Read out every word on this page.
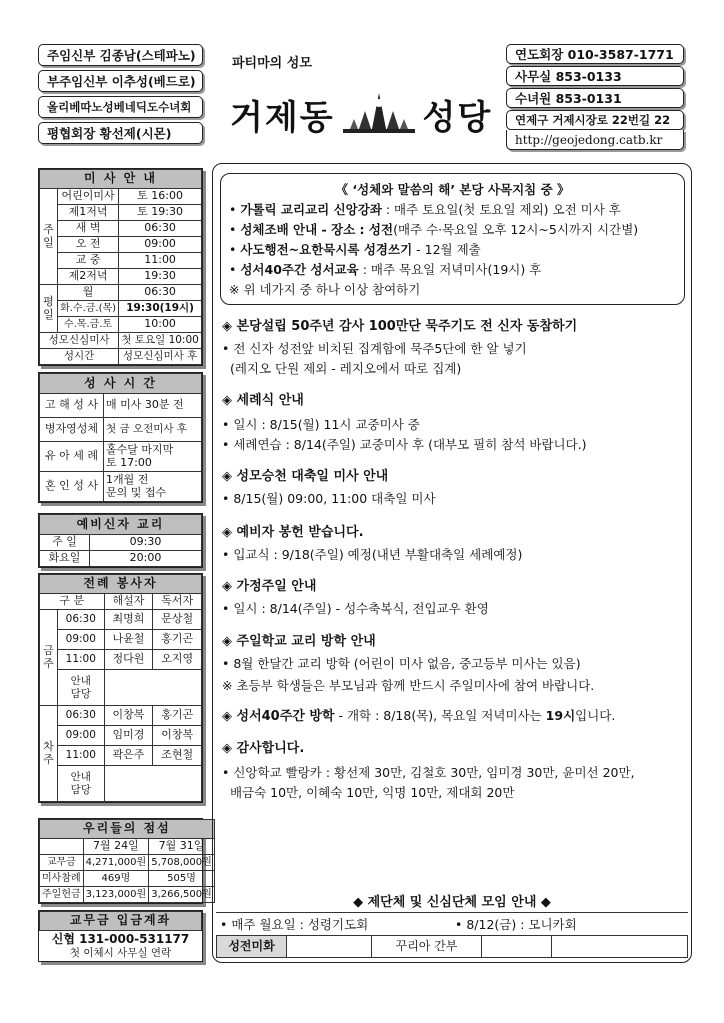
주임신부 김종남(스테파노)
부주임신부 이추성(베드로)
올리베따노성베네딕도수녀회
평협회장 황선제(시몬)
파티마의 성모
거제동	성당
연도회장 010-3587-1771
사무실 853-0133
수녀원 853-0131
연제구 거제시장로 22번길 22
http://geojedong.catb.kr
미 사 안 내		
주일	어린이미사	토 16:00
	제1저녁	토 19:30
	새 벽	06:30
	오 전	09:00
	교 중	11:00
	제2저녁	19:30
평일	월	06:30
	화.수.금.(목)	19:30(19시)
	수.목.금.토	10:00
성모신심미사		첫 토요일 10:00
성시간		성모신심미사 후
성 사 시 간	
고 해 성 사	매 미사 30분 전
병자영성체	첫 금 오전미사 후
유 아 세 례	홀수달 마지막
토 17:00
혼 인 성 사	1개월 전
문의 및 접수
예비신자 교리	
주 일	09:30
화요일	20:00
전례 봉사자			
구 분		해설자	독서자
금주	06:30	최명희	문상철
	09:00	나윤철	홍기곤
	11:00	정다원	오지영
	안내
담당		
차주	06:30	이창복	홍기곤
	09:00	임미경	이창복
	11:00	곽은주	조현철
	안내
담당		
우리들의 점섬		
	7월 24일	7월 31일
교무금	4,271,000원	5,708,000원
미사참례	469명	505명
주일헌금	3,123,000원	3,266,500원
교무금 입금계좌
신협 131-000-531177
첫 이체시 사무실 연락
《 ‘성체와 말씀의 해’ 본당 사목지침 중 》
• 가톨릭 교리교리 신앙강좌 : 매주 토요일(첫 토요일 제외) 오전 미사 후
• 성체조배 안내 - 장소 : 성전(매주 수·목요일 오후 12시~5시까지 시간별)
• 사도행전~요한묵시록 성경쓰기 - 12월 제출
• 성서40주간 성서교육 : 매주 목요일 저녁미사(19시) 후
※ 위 네가지 중 하나 이상 참여하기
◈ 본당설립 50주년 감사 100만단 묵주기도 전 신자 동참하기
• 전 신자 성전앞 비치된 집계함에 묵주5단에 한 알 넣기
(레지오 단원 제외 - 레지오에서 따로 집계)
◈ 세례식 안내
• 일시 : 8/15(월) 11시 교중미사 중
• 세례연습 : 8/14(주일) 교중미사 후 (대부모 필히 참석 바랍니다.)
◈ 성모승천 대축일 미사 안내
• 8/15(월) 09:00, 11:00 대축일 미사
◈ 예비자 봉헌 받습니다.
• 입교식 : 9/18(주일) 예정(내년 부활대축일 세례예정)
◈ 가정주일 안내
• 일시 : 8/14(주일) - 성수축복식, 전입교우 환영
◈ 주일학교 교리 방학 안내
• 8월 한달간 교리 방학 (어린이 미사 없음, 중고등부 미사는 있음)
※ 초등부 학생들은 부모님과 함께 반드시 주일미사에 참여 바랍니다.
◈ 성서40주간 방학 - 개학 : 8/18(목), 목요일 저녁미사는 19시입니다.
◈ 감사합니다.
• 신앙학교 빨랑카 : 황선제 30만, 김철호 30만, 임미경 30만, 윤미선 20만,
배금숙 10만, 이혜숙 10만, 익명 10만, 제대회 20만
◆ 제단체 및 신심단체 모임 안내 ◆
• 매주 월요일 : 성령기도회	• 8/12(금) : 모니카회
성전미화		꾸리아 간부		
